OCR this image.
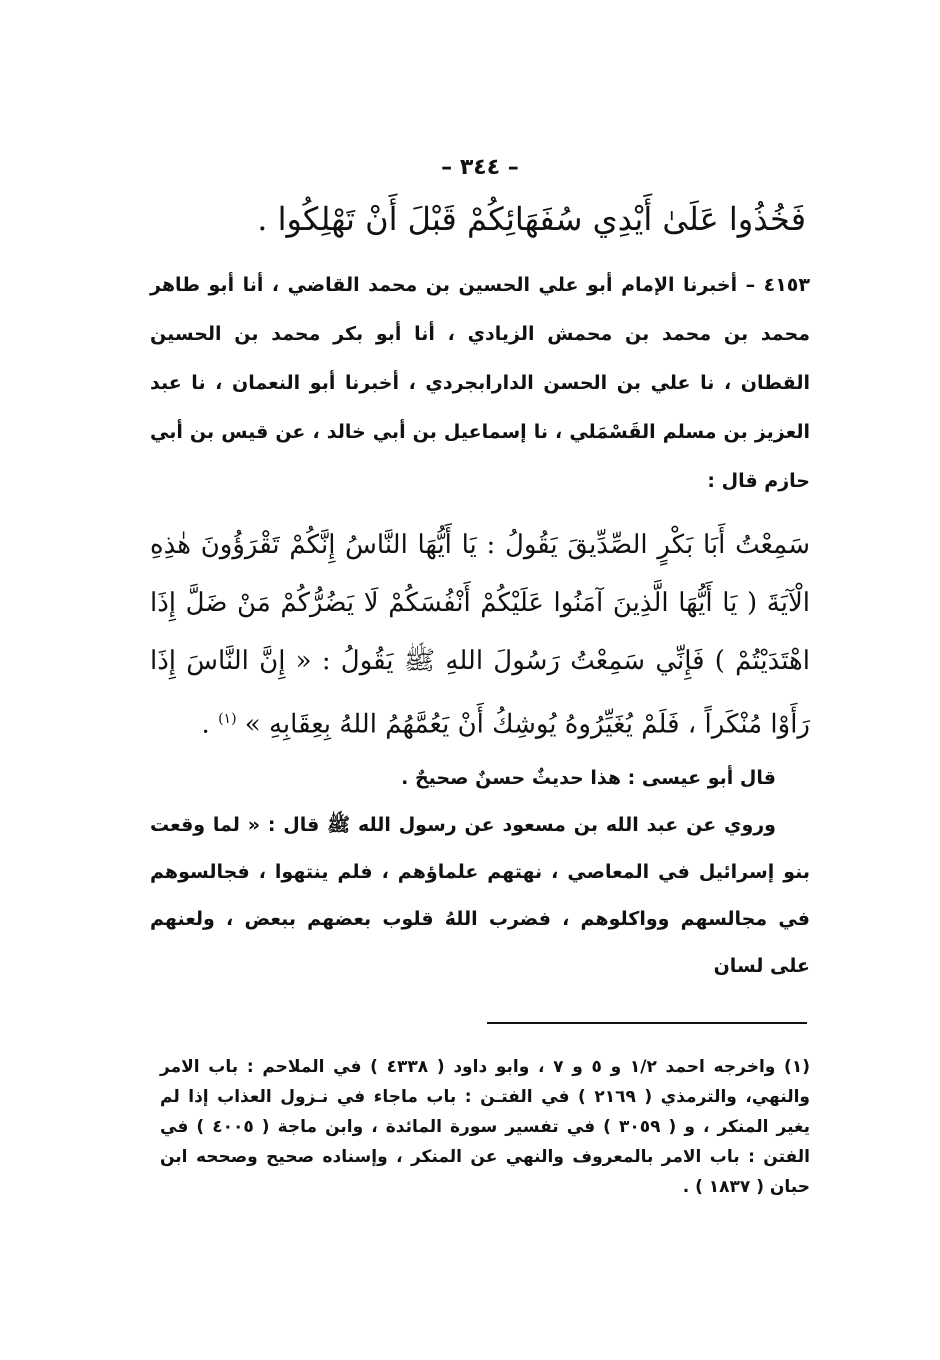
– ٣٤٤ –
فَخُذُوا عَلَىٰ أَيْدِي سُفَهَائِكُمْ قَبْلَ أَنْ تَهْلِكُوا .
٤١٥٣ – أخبرنا الإمام أبو علي الحسين بن محمد القاضي ، أنا أبو طاهر محمد بن محمد بن محمش الزيادي ، أنا أبو بكر محمد بن الحسين القطان ، نا علي بن الحسن الدارابجردي ، أخبرنا أبو النعمان ، نا عبد العزيز بن مسلم القَسْمَلي ، نا إسماعيل بن أبي خالد ، عن قيس بن أبي حازم قال :
سَمِعْتُ أَبَا بَكْرٍ الصِّدِّيقَ يَقُولُ : يَا أَيُّهَا النَّاسُ إِنَّكُمْ تَقْرَؤُونَ هٰذِهِ الْآيَةَ ( يَا أَيُّهَا الَّذِينَ آمَنُوا عَلَيْكُمْ أَنْفُسَكُمْ لَا يَضُرُّكُمْ مَنْ ضَلَّ إِذَا اهْتَدَيْتُمْ ) فَإِنِّي سَمِعْتُ رَسُولَ اللهِ ﷺ يَقُولُ : « إِنَّ النَّاسَ إِذَا رَأَوْا مُنْكَراً ، فَلَمْ يُغَيِّرُوهُ يُوشِكُ أَنْ يَعُمَّهُمُ اللهُ بِعِقَابِهِ » $^{(١)}$ .
قال أبو عيسى : هذا حديثٌ حسنٌ صحيحٌ .
وروي عن عبد الله بن مسعود عن رسول الله ﷺ قال : « لما وقعت بنو إسرائيل في المعاصي ، نهتهم علماؤهم ، فلم ينتهوا ، فجالسوهم في مجالسهم وواكلوهم ، فضرب اللهُ قلوب بعضهم ببعض ، ولعنهم على لسان
(١) واخرجه احمد ١/٢ و ٥ و ٧ ، وابو داود ( ٤٣٣٨ ) في الملاحم : باب الامر والنهي، والترمذي ( ٢١٦٩ ) في الفتـن : باب ماجاء في نـزول العذاب إذا لم يغير المنكر ، و ( ٣٠٥٩ ) في تفسير سورة المائدة ، وابن ماجة ( ٤٠٠٥ ) في الفتن : باب الامر بالمعروف والنهي عن المنكر ، وإسناده صحيح وصححه ابن حبان ( ١٨٣٧ ) .
